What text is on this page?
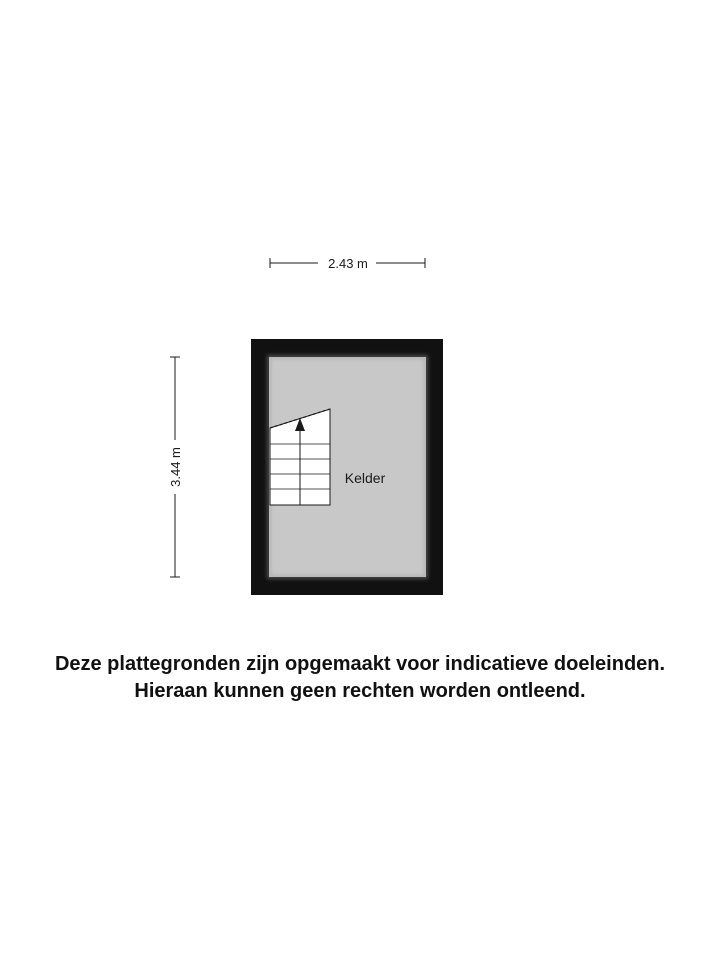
2.43 m
3.44 m	Kelder
Deze plattegronden zijn opgemaakt voor indicatieve doeleinden.
Hieraan kunnen geen rechten worden ontleend.
